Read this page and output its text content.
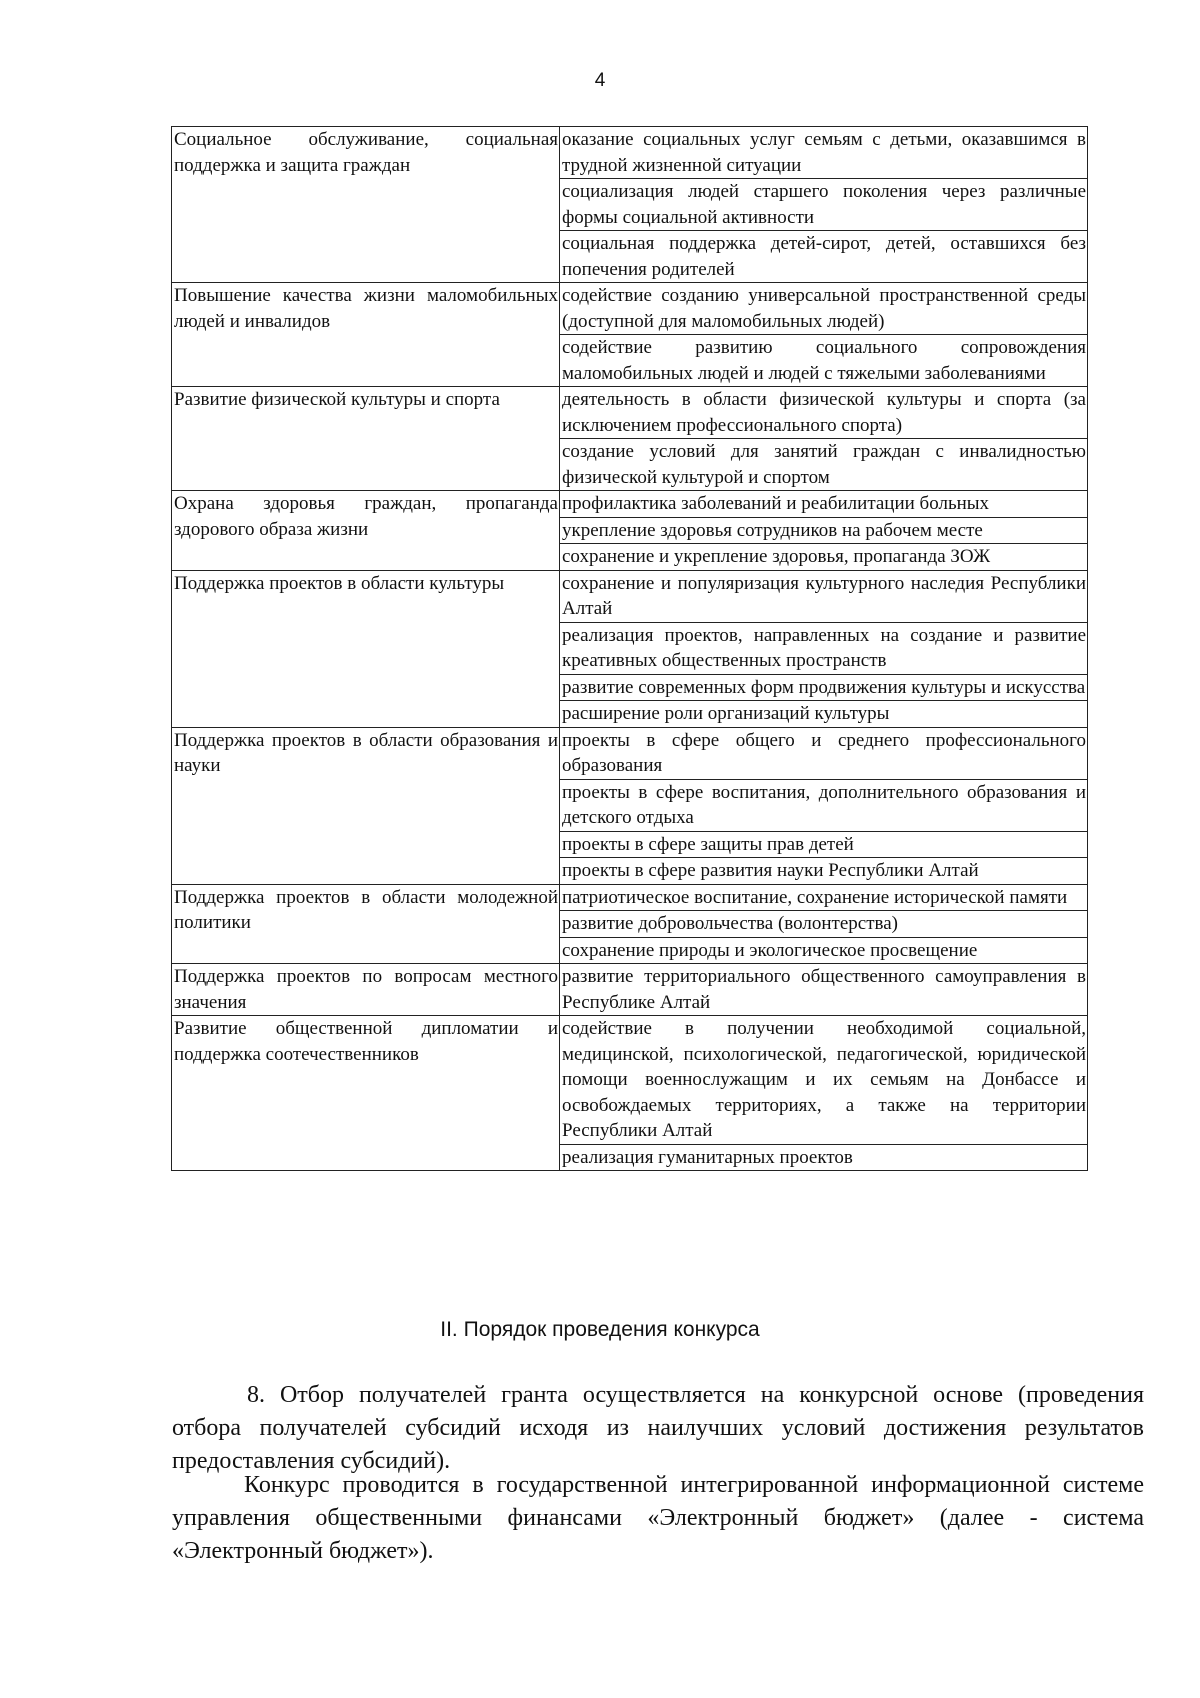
4
Социальное обслуживание, социальная поддержка и защита граждан	оказание социальных услуг семьям с детьми, оказавшимся в трудной жизненной ситуации
	социализация людей старшего поколения через различные формы социальной активности
	социальная поддержка детей-сирот, детей, оставшихся без попечения родителей
Повышение качества жизни маломобильных людей и инвалидов	содействие созданию универсальной пространственной среды (доступной для маломобильных людей)
	содействие развитию социального сопровождения маломобильных людей и людей с тяжелыми заболеваниями
Развитие физической культуры и спорта	деятельность в области физической культуры и спорта (за исключением профессионального спорта)
	создание условий для занятий граждан с инвалидностью физической культурой и спортом
Охрана здоровья граждан, пропаганда здорового образа жизни	профилактика заболеваний и реабилитации больных
	укрепление здоровья сотрудников на рабочем месте
	сохранение и укрепление здоровья, пропаганда ЗОЖ
Поддержка проектов в области культуры	сохранение и популяризация культурного наследия Республики Алтай
	реализация проектов, направленных на создание и развитие креативных общественных пространств
	развитие современных форм продвижения культуры и искусства
	расширение роли организаций культуры
Поддержка проектов в области образования и науки	проекты в сфере общего и среднего профессионального образования
	проекты в сфере воспитания, дополнительного образования и детского отдыха
	проекты в сфере защиты прав детей
	проекты в сфере развития науки Республики Алтай
Поддержка проектов в области молодежной политики	патриотическое воспитание, сохранение исторической памяти
	развитие добровольчества (волонтерства)
	сохранение природы и экологическое просвещение
Поддержка проектов по вопросам местного значения	развитие территориального общественного самоуправления в Республике Алтай
Развитие общественной дипломатии и поддержка соотечественников	содействие в получении необходимой социальной, медицинской, психологической, педагогической, юридической помощи военнослужащим и их семьям на Донбассе и освобождаемых территориях, а также на территории Республики Алтай
	реализация гуманитарных проектов
II. Порядок проведения конкурса

8. Отбор получателей гранта осуществляется на конкурсной основе (проведения отбора получателей субсидий исходя из наилучших условий достижения результатов предоставления субсидий).

Конкурс проводится в государственной интегрированной информационной системе управления общественными финансами «Электронный бюджет» (далее - система «Электронный бюджет»).
